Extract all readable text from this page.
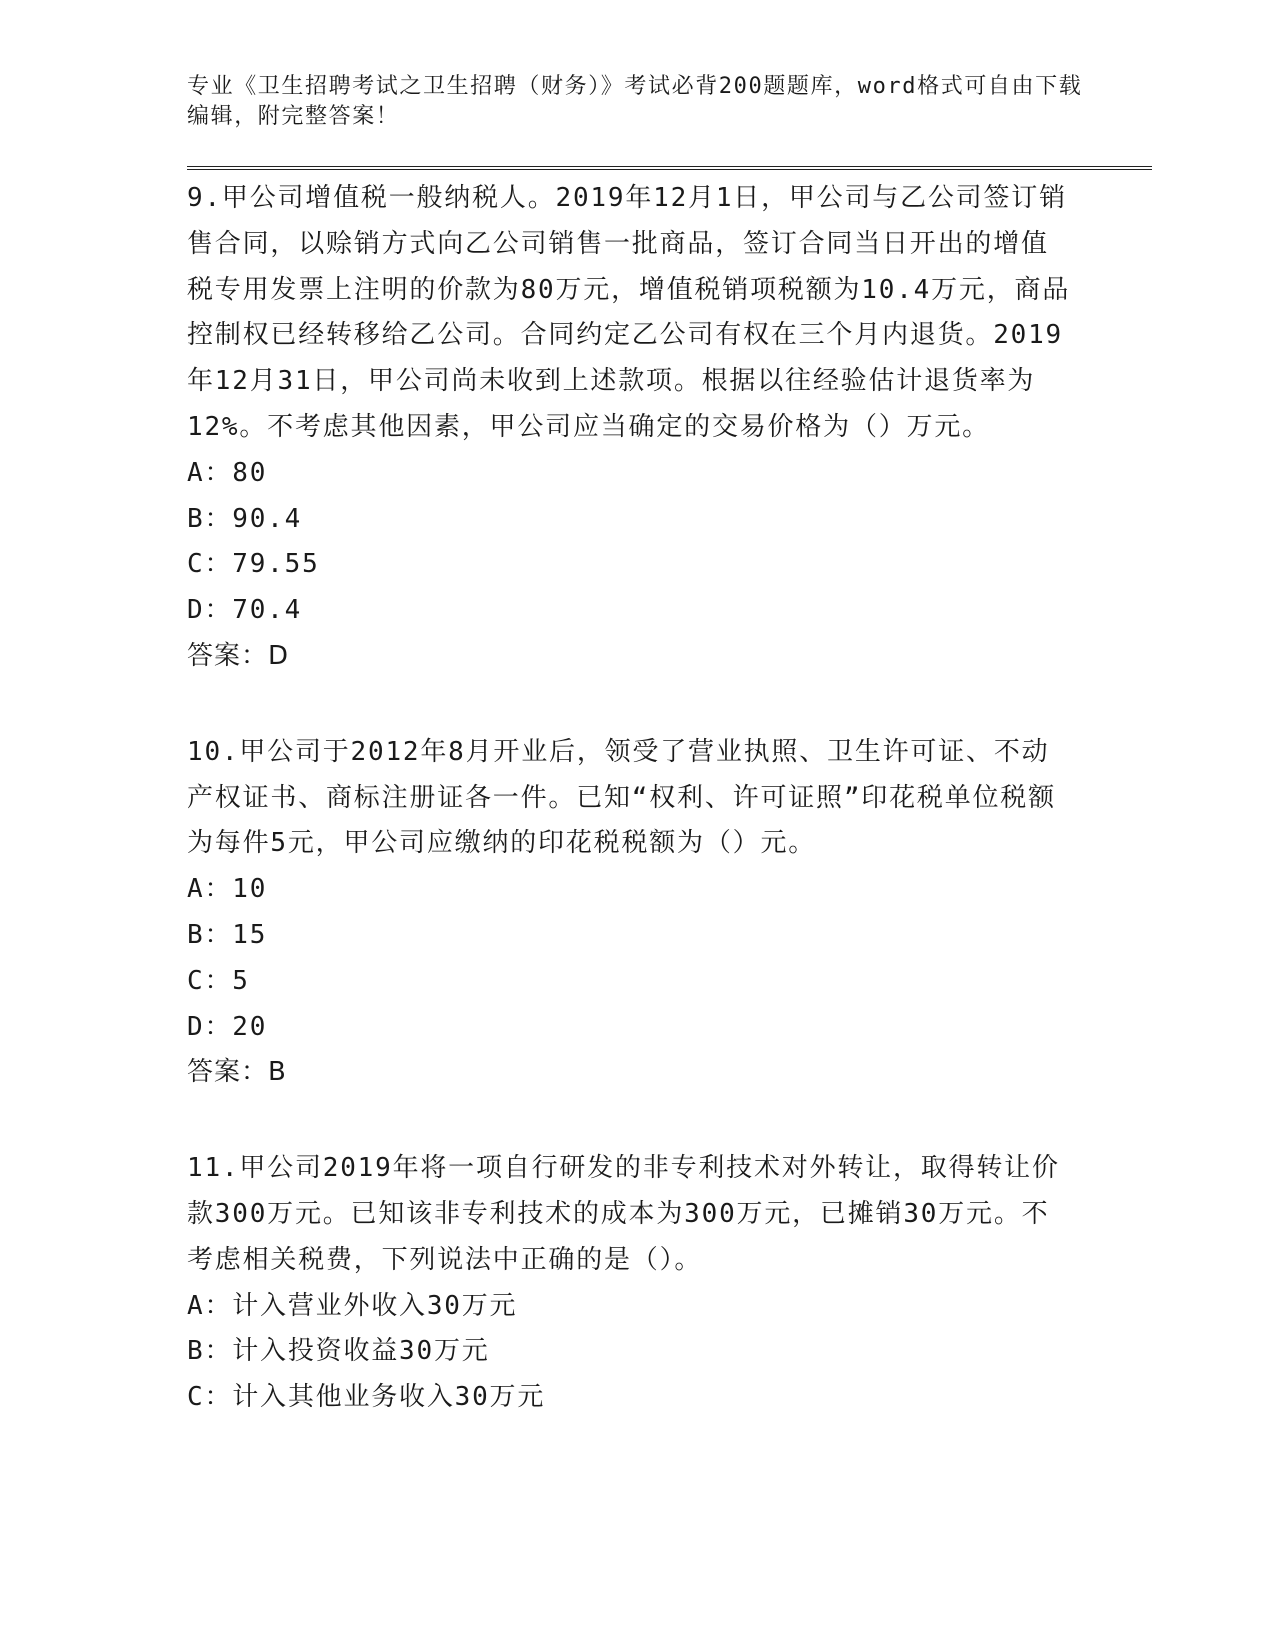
专业《卫生招聘考试之卫生招聘（财务）》考试必背200题题库，word格式可自由下载编辑，附完整答案！

9.甲公司增值税一般纳税人。2019年12月1日，甲公司与乙公司签订销售合同，以赊销方式向乙公司销售一批商品，签订合同当日开出的增值税专用发票上注明的价款为80万元，增值税销项税额为10.4万元，商品控制权已经转移给乙公司。合同约定乙公司有权在三个月内退货。2019年12月31日，甲公司尚未收到上述款项。根据以往经验估计退货率为12%。不考虑其他因素，甲公司应当确定的交易价格为（）万元。

A：80

B：90.4

C：79.55

D：70.4

答案：D

10.甲公司于2012年8月开业后，领受了营业执照、卫生许可证、不动产权证书、商标注册证各一件。已知“权利、许可证照”印花税单位税额为每件5元，甲公司应缴纳的印花税税额为（）元。

A：10

B：15

C：5

D：20

答案：B

11.甲公司2019年将一项自行研发的非专利技术对外转让，取得转让价款300万元。已知该非专利技术的成本为300万元，已摊销30万元。不考虑相关税费，下列说法中正确的是（）。

A：计入营业外收入30万元

B：计入投资收益30万元

C：计入其他业务收入30万元
